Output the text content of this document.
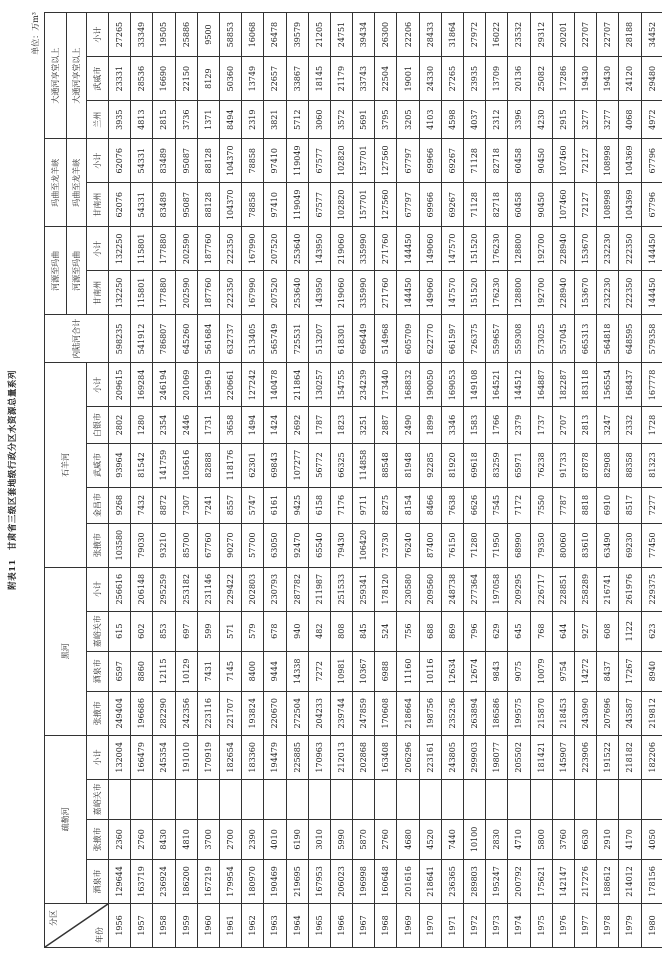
附表11　甘肃省三级区套地级行政分区水资源总量系列
单位：万m³
分区
年份	疏勒河				黑河				石羊河					内陆河合计	河源至玛曲		玛曲至龙羊峡		大通河享堂以上		
															河源至玛曲		玛曲至龙羊峡		大通河享堂以上		
	酒泉市	张掖市	嘉峪关市	小计	张掖市	酒泉市	嘉峪关市	小计	张掖市	金昌市	武威市	白银市	小计		甘南州	小计	甘南州	小计	兰州	武威市	小计
1956	129644	2360		132004	249404	6597	615	256616	103580	9268	93964	2802	209615	598235	132250	132250	62076	62076	3935	23331	27265
1957	163719	2760		166479	196686	8860	602	206148	79030	7432	81542	1280	169284	541912	115801	115801	54331	54331	4813	28536	33349
1958	236924	8430		245354	282290	12115	853	295259	93210	8872	141759	2354	246194	786807	177880	177880	83489	83489	2815	16690	19505
1959	186200	4810		191010	242356	10129	697	253182	85700	7307	105616	2446	201069	645260	202590	202590	95087	95087	3736	22150	25886
1960	167219	3700		170919	223116	7431	599	231146	67760	7241	82888	1731	159619	561684	187760	187760	88128	88128	1371	8129	9500
1961	179954	2700		182654	221707	7145	571	229422	90270	8557	118176	3658	220661	632737	222350	222350	104370	104370	8494	50360	58853
1962	180970	2390		183360	193824	8400	579	202803	57700	5747	62301	1494	127242	513405	167990	167990	78858	78858	2319	13749	16068
1963	190469	4010		194479	220670	9444	678	230793	63050	6161	69843	1424	140478	565749	207520	207520	97410	97410	3821	22657	26478
1964	219695	6190		225885	272504	14338	940	287782	92470	9425	107277	2692	211864	725531	253640	253640	119049	119049	5712	33867	39579
1965	167953	3010		170963	204233	7272	482	211987	65540	6158	56772	1787	130257	513207	143950	143950	67577	67577	3060	18145	21205
1966	206023	5990		212013	239744	10981	808	251533	79430	7176	66325	1823	154755	618301	219060	219060	102820	102820	3572	21179	24751
1967	196998	5870		202868	247859	10367	845	259341	106420	9711	114858	3251	234239	696449	335990	335990	157701	157701	5691	33743	39434
1968	160648	2760		163408	170608	6988	524	178120	73730	8275	88548	2887	173440	514968	271760	271760	127560	127560	3795	22504	26300
1969	201616	4680		206296	218664	11160	756	230580	76240	8154	81948	2490	168832	605709	144450	144450	67797	67797	3205	19001	22206
1970	218641	4520		223161	198756	10116	688	209560	87400	8466	92285	1899	190050	622770	149060	149060	69966	69966	4103	24330	28433
1971	236365	7440		243805	235236	12634	869	248738	76150	7638	81920	3346	169053	661597	147570	147570	69267	69267	4598	27265	31864
1972	289803	10100		299903	263894	12674	796	277364	71280	6626	69618	1583	149108	726375	151520	151520	71128	71128	4037	23935	27972
1973	195247	2830		198077	186586	9843	629	197058	71950	7545	83259	1766	164521	559657	176230	176230	82718	82718	2312	13709	16022
1974	200792	4710		205502	199575	9075	645	209295	68990	7172	65971	2379	144512	559308	128800	128800	60458	60458	3396	20136	23532
1975	175621	5800		181421	215870	10079	768	226717	79350	7550	76238	1737	164887	573025	192700	192700	90450	90450	4230	25082	29312
1976	142147	3760		145907	218453	9754	644	228851	80060	7787	91733	2707	182287	557045	228940	228940	107460	107460	2915	17286	20201
1977	217276	6630		223906	243090	14272	927	258289	83610	8818	87878	2813	183118	665313	153670	153670	72127	72127	3277	19430	22707
1978	188612	2910		191522	207696	8437	608	216741	63490	6910	82908	3247	156554	564818	232230	232230	108998	108998	3277	19430	22707
1979	214012	4170		218182	243587	17267	1122	261976	69230	8517	88358	2332	168437	648595	222350	222350	104369	104369	4068	24120	28188
1980	178156	4050		182206	219812	8940	623	229375	77450	7277	81323	1728	167778	579358	144450	144450	67796	67796	4972	29480	34452
